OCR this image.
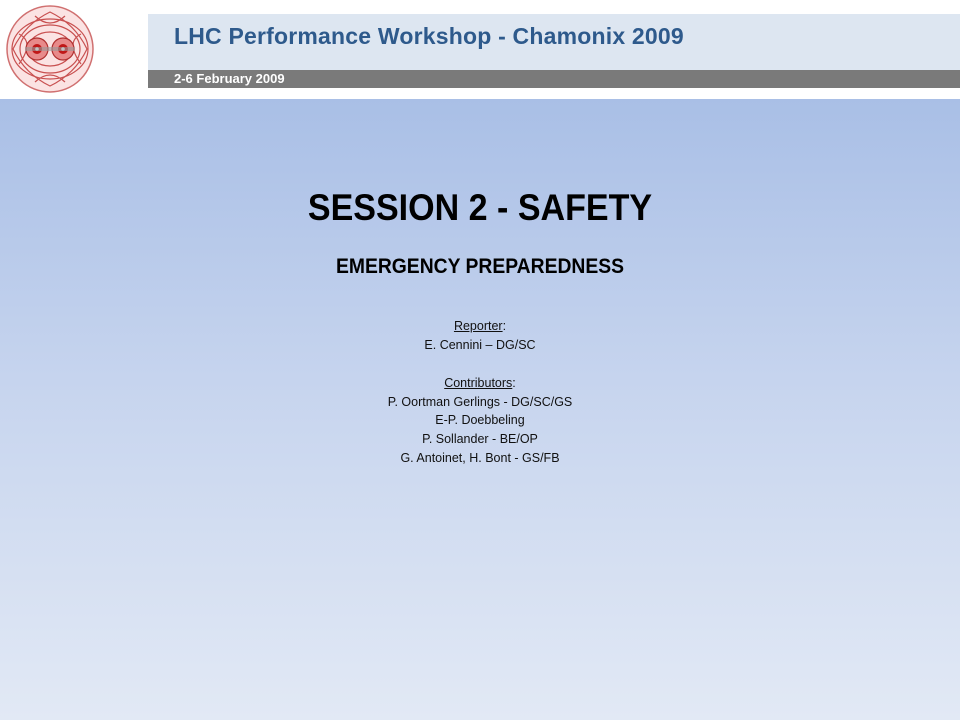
LHC Performance Workshop - Chamonix 2009
2-6 February 2009
SESSION 2 - SAFETY
EMERGENCY PREPAREDNESS
Reporter:
E. Cennini – DG/SC
Contributors:
P. Oortman Gerlings - DG/SC/GS
E-P. Doebbeling
P. Sollander - BE/OP
G. Antoinet, H. Bont - GS/FB
